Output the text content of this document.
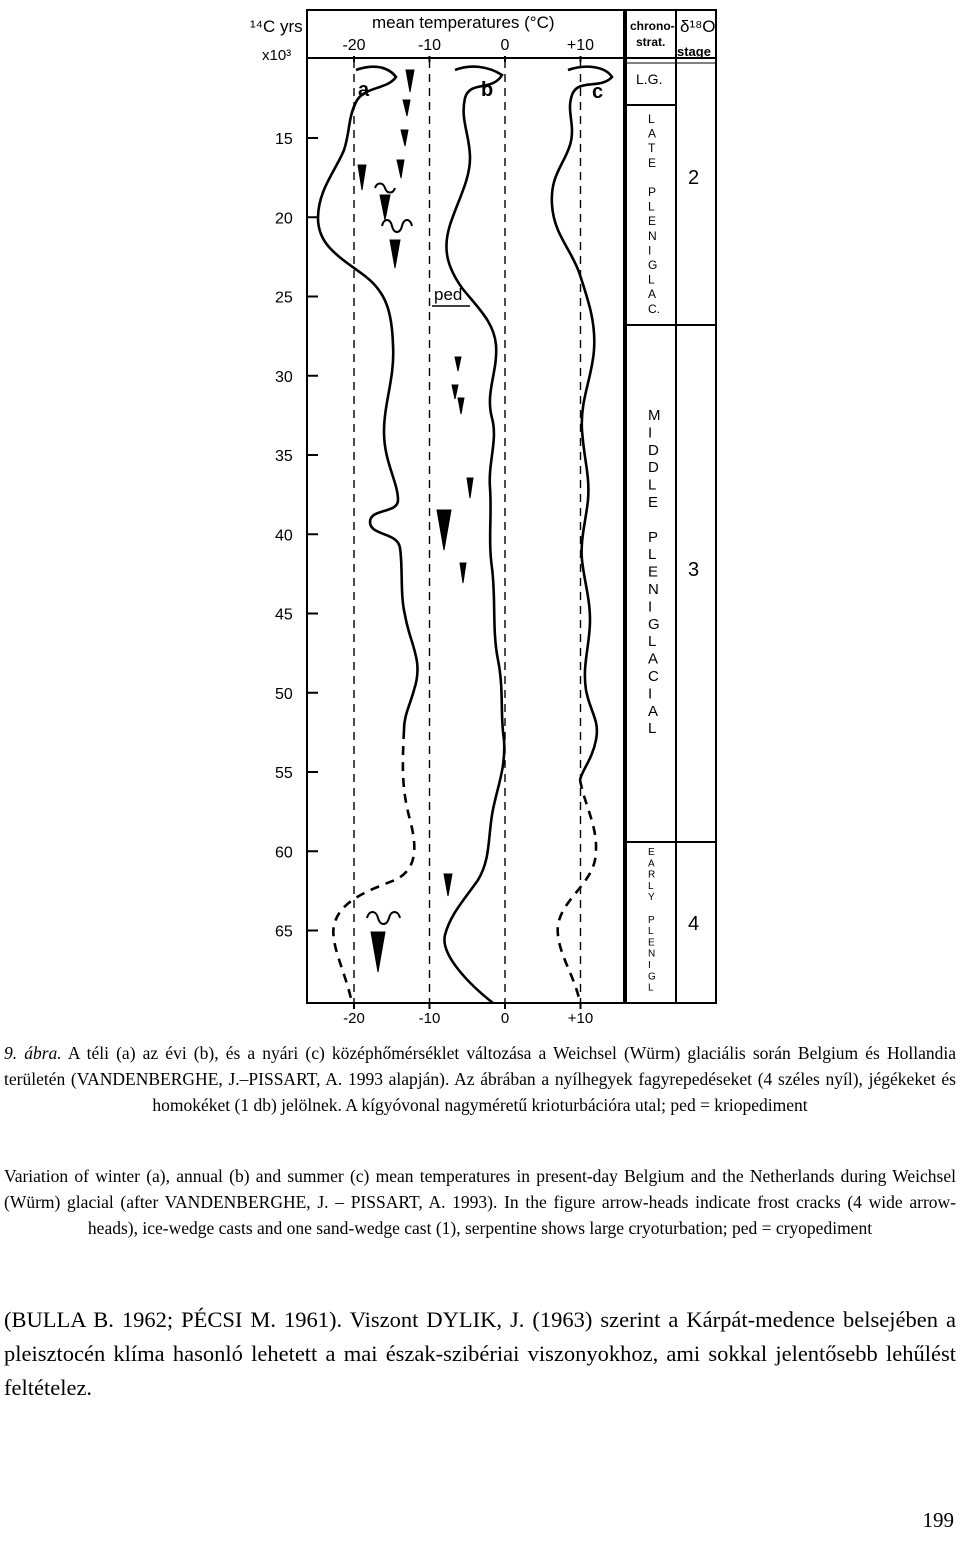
¹⁴C yrs
x10³
mean temperatures (°C)	chrono-
strat.
δ¹⁸O
stage
-20	-10	0	+10
-20	-10	0	+10
15
20
25
30
35
40
45
50
55
60
65
a	b	c
ped
L.G.
L
A
T
E
P
L
E
N
I
G
L
A
C.
M
I
D
D
L
E
P
L
E
N
I
G
L
A
C
I
A
L
E
A
R
L
Y
P
L
E
N
I
G
L
2
3
4
9. ábra. A téli (a) az évi (b), és a nyári (c) középhőmérséklet változása a Weichsel (Würm) glaciális során Belgium és Hollandia területén (VANDENBERGHE, J.–PISSART, A. 1993 alapján). Az ábrában a nyílhegyek fagyrepedéseket (4 széles nyíl), jégékeket és homokéket (1 db) jelölnek. A kígyóvonal nagyméretű krioturbációra utal; ped = kriopediment
Variation of winter (a), annual (b) and summer (c) mean temperatures in present-day Belgium and the Netherlands during Weichsel (Würm) glacial (after VANDENBERGHE, J. – PISSART, A. 1993). In the figure arrow-heads indicate frost cracks (4 wide arrow-heads), ice-wedge casts and one sand-wedge cast (1), serpentine shows large cryoturbation; ped = cryopediment
(BULLA B. 1962; PÉCSI M. 1961). Viszont DYLIK, J. (1963) szerint a Kárpát-medence belsejében a pleisztocén klíma hasonló lehetett a mai észak-szibériai viszonyokhoz, ami sokkal jelentősebb lehűlést feltételez.
199
